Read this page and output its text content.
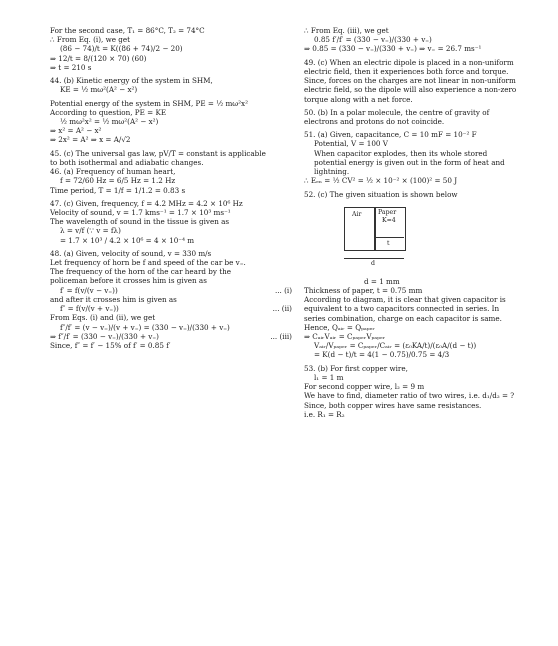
For the second case, T₁ = 86°C, T₂ = 74°C
∴ From Eq. (i), we get
(86 − 74)/t = K((86 + 74)/2 − 20)
⇒ 12/t = 8/(120 × 70) (60)
⇒ t = 210 s
44. (b) Kinetic energy of the system in SHM,
KE = ½ mω²(A² − x²)
Potential energy of the system in SHM, PE = ½ mω²x²
According to question, PE = KE
½ mω²x² = ½ mω²(A² − x²)
⇒ x² = A² − x²
⇒ 2x² = A² ⇒ x = A/√2
45. (c) The universal gas law, pV/T = constant is applicable
to both isothermal and adiabatic changes.
46. (a) Frequency of human heart,
f = 72/60 Hz = 6/5 Hz = 1.2 Hz
Time period, T = 1/f = 1/1.2 = 0.83 s
47. (c) Given, frequency, f = 4.2 MHz = 4.2 × 10⁶ Hz
Velocity of sound, v = 1.7 kms⁻¹ = 1.7 × 10³ ms⁻¹
The wavelength of sound in the tissue is given as
λ = v/f (∵ v = fλ)
= 1.7 × 10³ / 4.2 × 10⁶ = 4 × 10⁻⁴ m
48. (a) Given, velocity of sound, v = 330 m/s
Let frequency of horn be f and speed of the car be v₌.
The frequency of the horn of the car heard by the
policeman before it crosses him is given as
f′ = f(v/(v − v₌))	... (i)
and after it crosses him is given as
f″ = f(v/(v + v₌))	... (ii)
From Eqs. (i) and (ii), we get
f″/f′ = (v − v₌)/(v + v₌) = (330 − v₌)/(330 + v₌)
⇒ f″/f′ = (330 − v₌)/(330 + v₌)	... (iii)
Since, f″ = f′ − 15% of f′ = 0.85 f′
∴ From Eq. (iii), we get
0.85 f′/f′ = (330 − v₌)/(330 + v₌)
⇒ 0.85 = (330 − v₌)/(330 + v₌) ⇒ v₌ = 26.7 ms⁻¹
49. (c) When an electric dipole is placed in a non-uniform electric field, then it experiences both force and torque. Since, forces on the charges are not linear in non-uniform electric field, so the dipole will also experience a non-zero torque along with a net force.
50. (b) In a polar molecule, the centre of gravity of electrons and protons do not coincide.
51. (a) Given, capacitance, C = 10 mF = 10⁻² F
Potential, V = 100 V
When capacitor explodes, then its whole stored potential energy is given out in the form of heat and lightning.
∴ Eₑₙ = ½ CV² = ½ × 10⁻² × (100)² = 50 J
52. (c) The given situation is shown below
Air	Paper
K=4
t
d
d = 1 mm
Thickness of paper, t = 0.75 mm
According to diagram, it is clear that given capacitor is equivalent to a two capacitors connected in series. In series combination, charge on each capacitor is same.
Hence, Qₐᵢᵣ = Qₚₐₚₑᵣ
⇒ CₐᵢᵣVₐᵢᵣ = CₚₐₚₑᵣVₚₐₚₑᵣ
Vₐᵢᵣ/Vₚₐₚₑᵣ = Cₚₐₚₑᵣ/Cₐᵢᵣ = (ε₀KA/t)/(ε₀A/(d − t))
= K(d − t)/t = 4(1 − 0.75)/0.75 = 4/3
53. (b) For first copper wire,
l₁ = 1 m
For second copper wire, l₂ = 9 m
We have to find, diameter ratio of two wires, i.e. d₁/d₂ = ?
Since, both copper wires have same resistances.
i.e. R₁ = R₂
